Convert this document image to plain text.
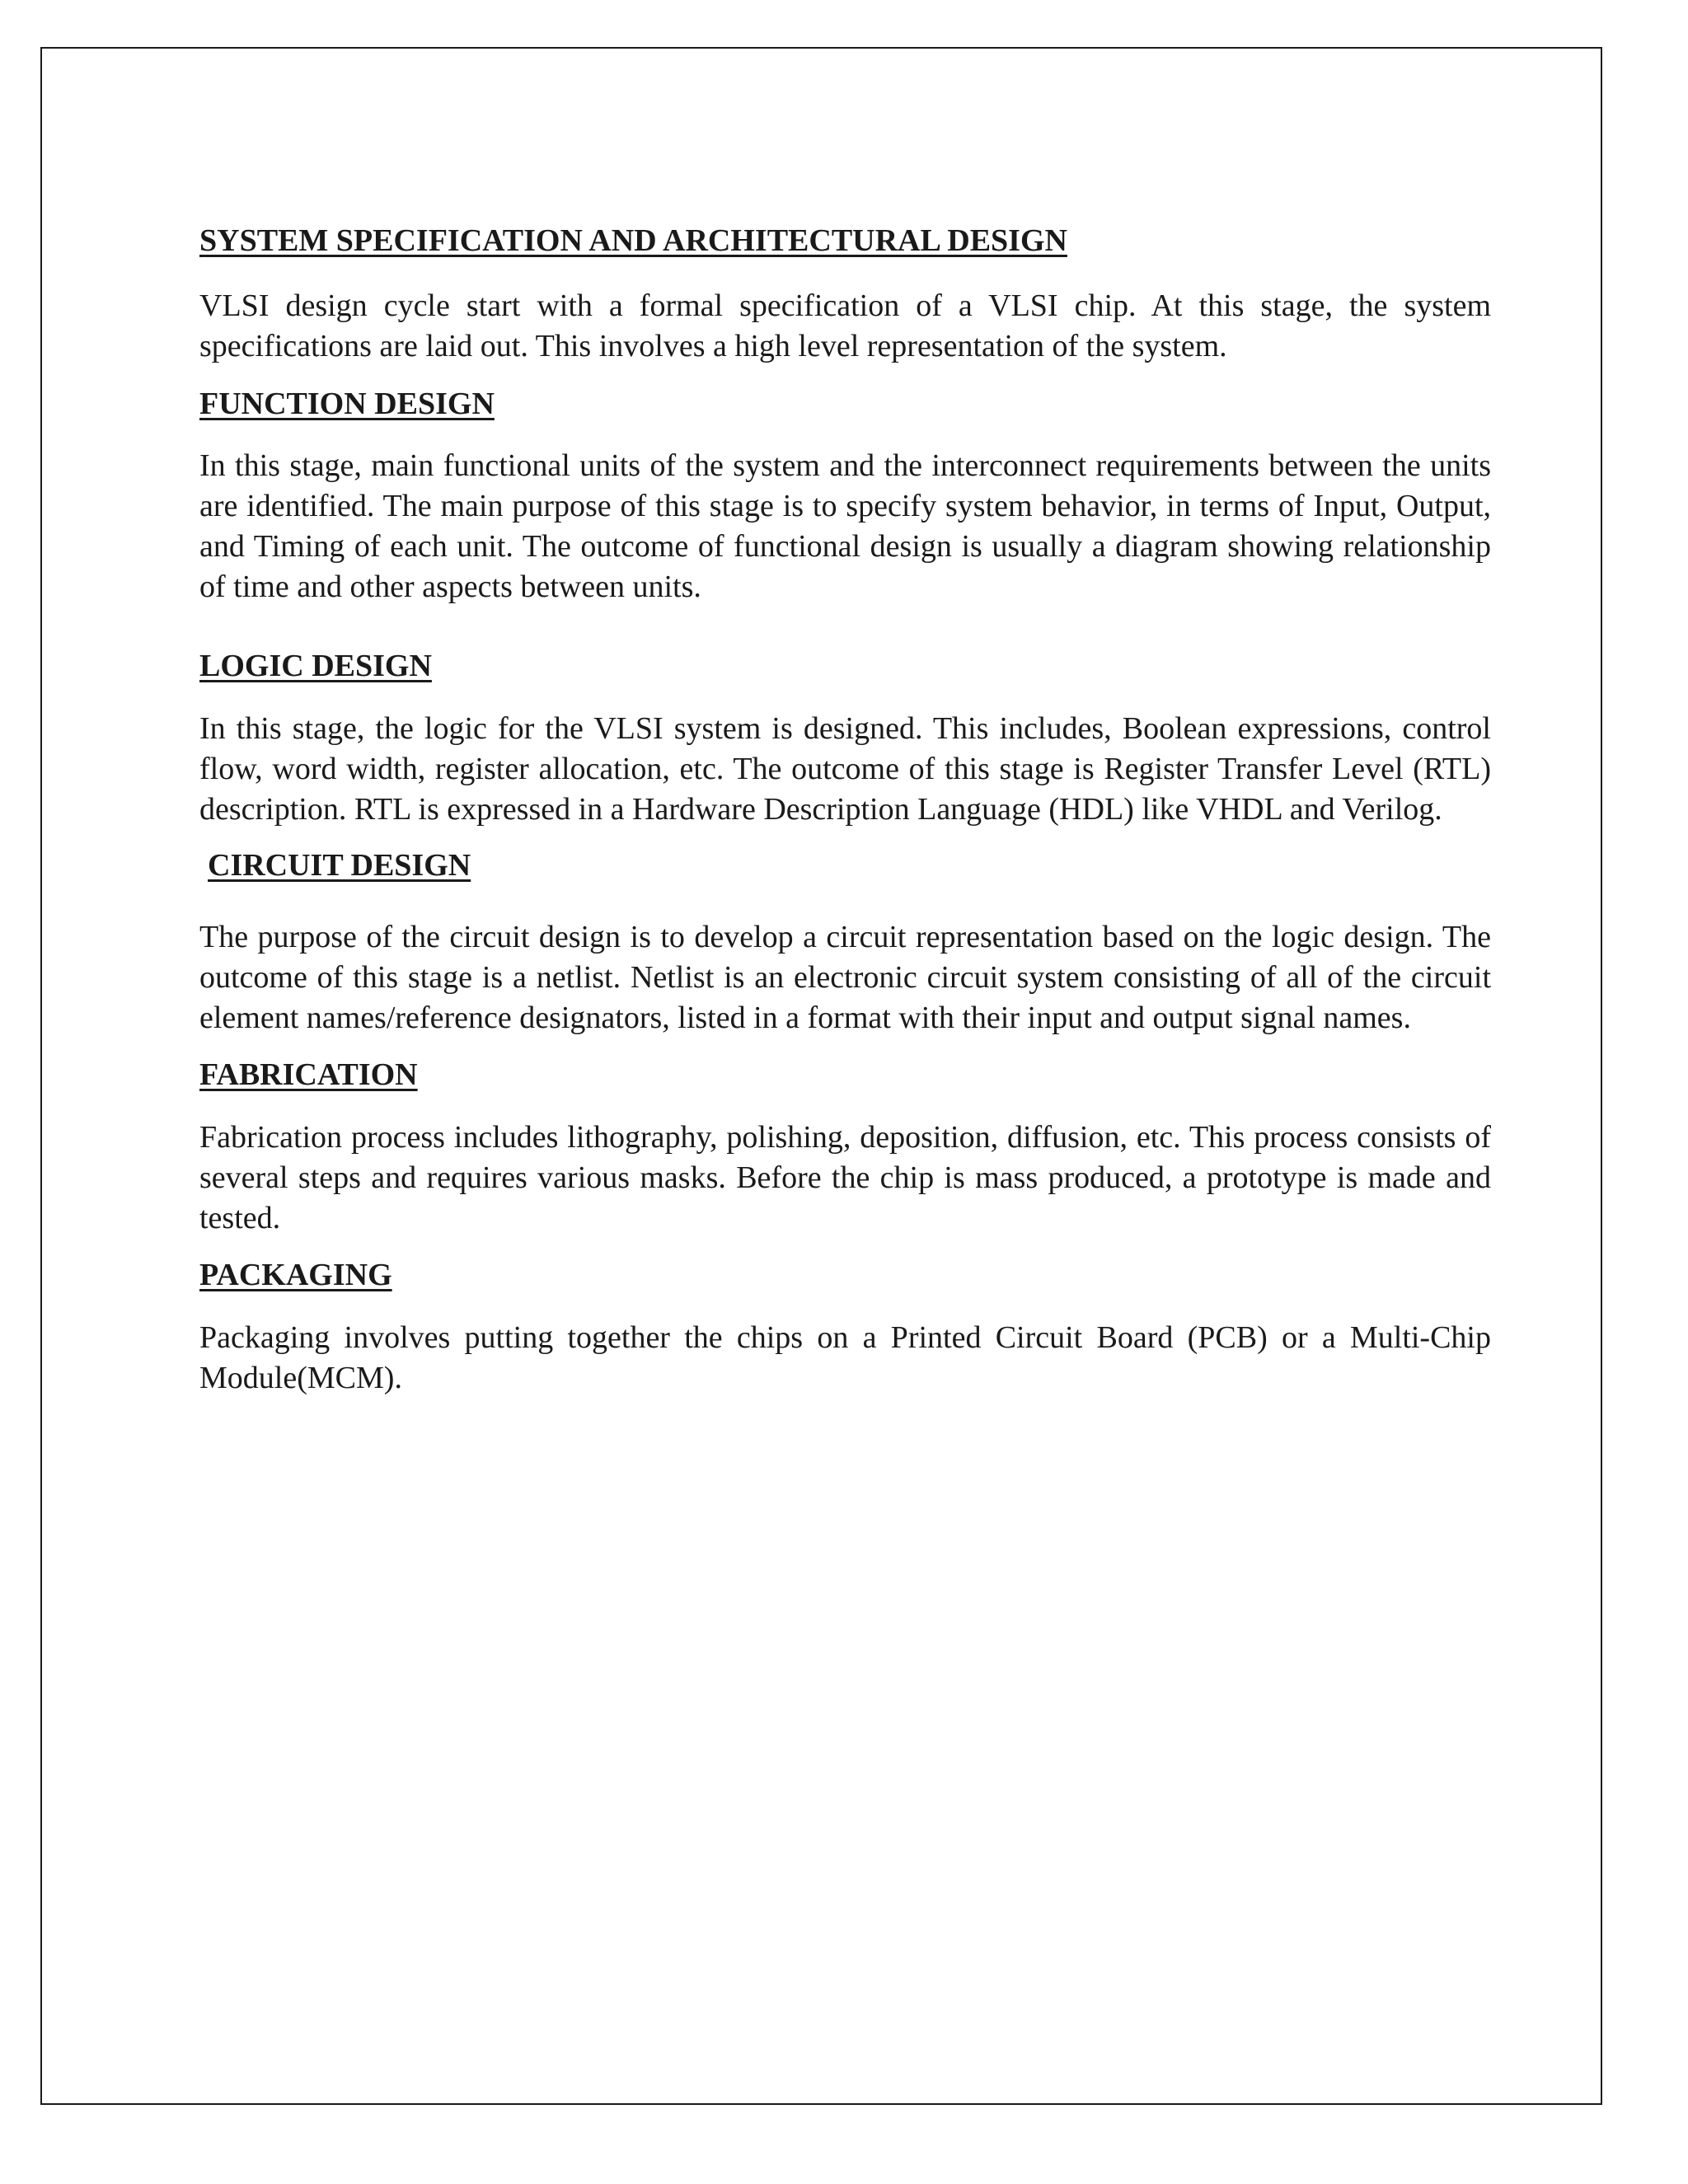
SYSTEM SPECIFICATION AND ARCHITECTURAL DESIGN

VLSI design cycle start with a formal specification of a VLSI chip. At this stage, the system specifications are laid out. This involves a high level representation of the system.

FUNCTION DESIGN

In this stage, main functional units of the system and the interconnect requirements between the units are identified. The main purpose of this stage is to specify system behavior, in terms of Input, Output, and Timing of each unit. The outcome of functional design is usually a diagram showing relationship of time and other aspects between units.

LOGIC DESIGN

In this stage, the logic for the VLSI system is designed. This includes, Boolean expressions, control flow, word width, register allocation, etc. The outcome of this stage is Register Transfer Level (RTL) description. RTL is expressed in a Hardware Description Language (HDL) like VHDL and Verilog.

CIRCUIT DESIGN

The purpose of the circuit design is to develop a circuit representation based on the logic design. The outcome of this stage is a netlist. Netlist is an electronic circuit system consisting of all of the circuit element names/reference designators, listed in a format with their input and output signal names.

FABRICATION

Fabrication process includes lithography, polishing, deposition, diffusion, etc. This process consists of several steps and requires various masks. Before the chip is mass produced, a prototype is made and tested.

PACKAGING

Packaging involves putting together the chips on a Printed Circuit Board (PCB) or a Multi-Chip Module(MCM).
